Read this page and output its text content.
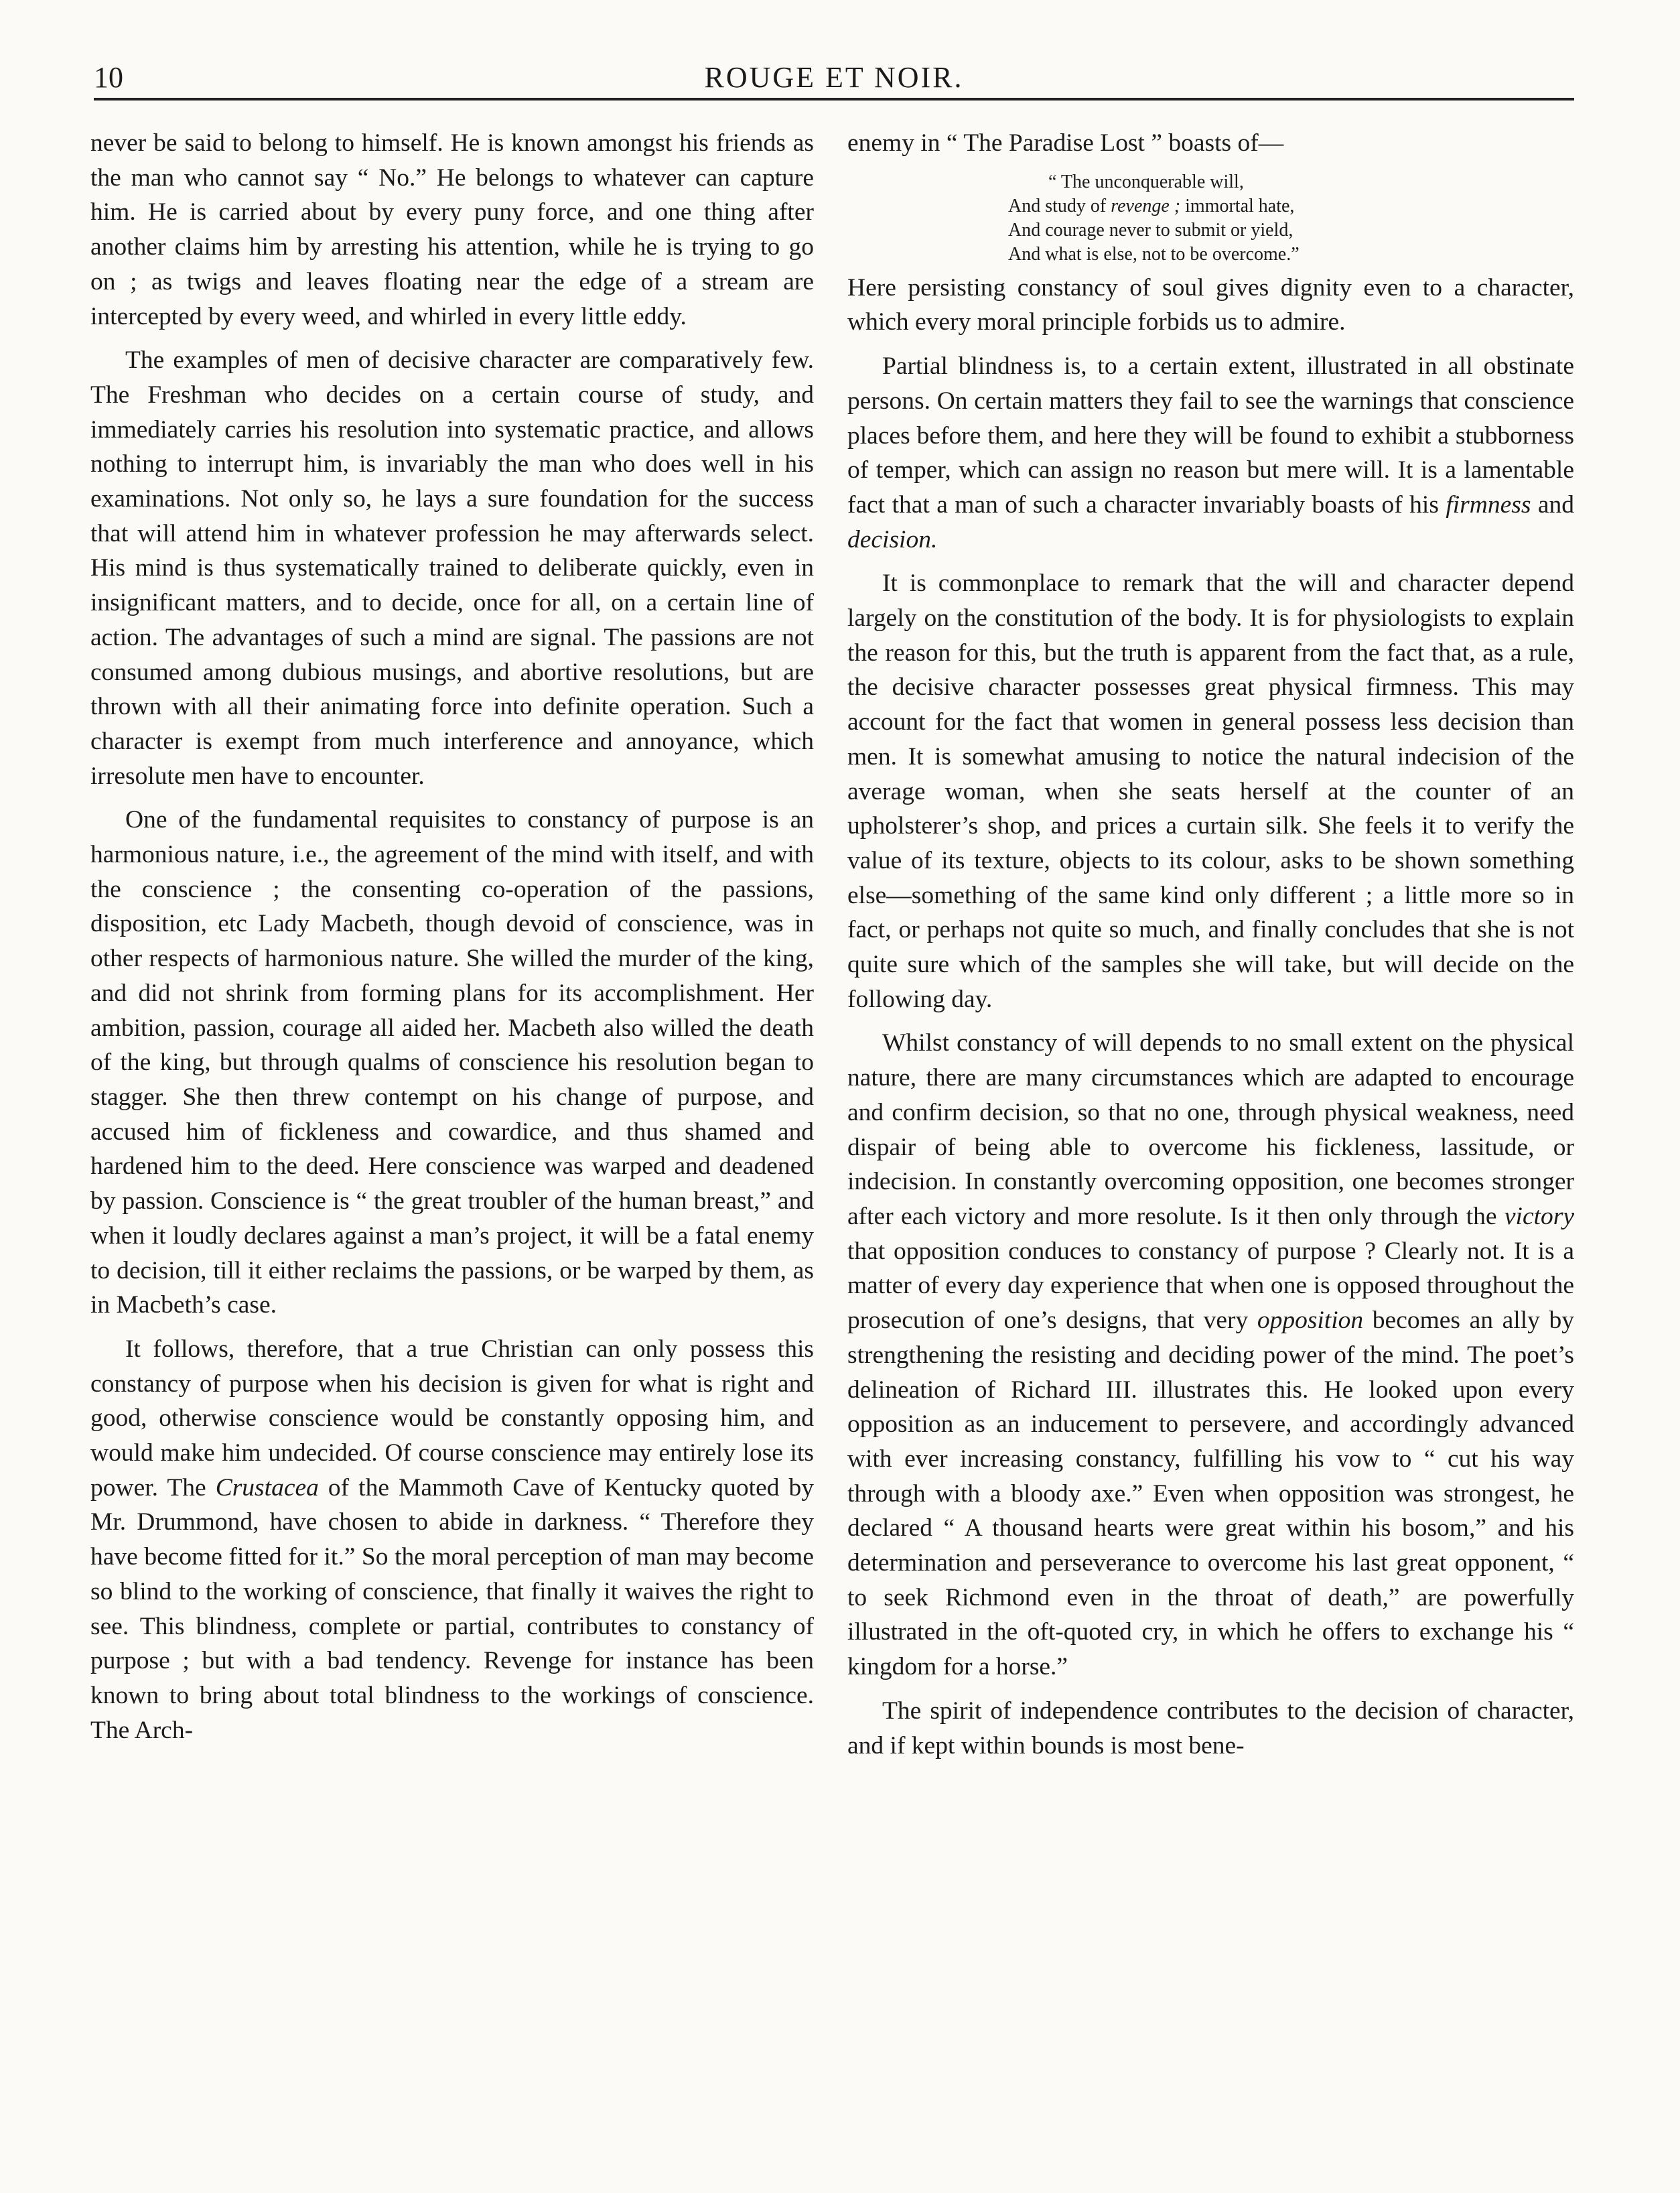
10	ROUGE ET NOIR.

never be said to belong to himself. He is known amongst his friends as the man who cannot say “ No.” He belongs to whatever can capture him. He is carried about by every puny force, and one thing after another claims him by arresting his attention, while he is trying to go on ; as twigs and leaves floating near the edge of a stream are intercepted by every weed, and whirled in every little eddy.

The examples of men of decisive character are comparatively few. The Freshman who decides on a certain course of study, and immediately carries his resolution into systematic practice, and allows nothing to interrupt him, is invariably the man who does well in his examinations. Not only so, he lays a sure foundation for the success that will attend him in whatever profession he may afterwards select. His mind is thus systematically trained to deliberate quickly, even in insignificant matters, and to decide, once for all, on a certain line of action. The advantages of such a mind are signal. The passions are not consumed among dubious musings, and abortive resolutions, but are thrown with all their animating force into definite operation. Such a character is exempt from much interference and annoyance, which irresolute men have to encounter.

One of the fundamental requisites to constancy of purpose is an harmonious nature, i.e., the agreement of the mind with itself, and with the conscience ; the consenting co-operation of the passions, disposition, etc Lady Macbeth, though devoid of conscience, was in other respects of harmonious nature. She willed the murder of the king, and did not shrink from forming plans for its accomplishment. Her ambition, passion, courage all aided her. Macbeth also willed the death of the king, but through qualms of conscience his resolution began to stagger. She then threw contempt on his change of purpose, and accused him of fickleness and cowardice, and thus shamed and hardened him to the deed. Here conscience was warped and deadened by passion. Conscience is “ the great troubler of the human breast,” and when it loudly declares against a man’s project, it will be a fatal enemy to decision, till it either reclaims the passions, or be warped by them, as in Macbeth’s case.

It follows, therefore, that a true Christian can only possess this constancy of purpose when his decision is given for what is right and good, otherwise conscience would be constantly opposing him, and would make him undecided. Of course conscience may entirely lose its power. The Crustacea of the Mammoth Cave of Kentucky quoted by Mr. Drummond, have chosen to abide in darkness. “ Therefore they have become fitted for it.” So the moral perception of man may become so blind to the working of conscience, that finally it waives the right to see. This blindness, complete or partial, contributes to constancy of purpose ; but with a bad tendency. Revenge for instance has been known to bring about total blindness to the workings of conscience. The Arch-

enemy in “ The Paradise Lost ” boasts of—

“ The unconquerable will,
And study of revenge ; immortal hate,
And courage never to submit or yield,
And what is else, not to be overcome.”

Here persisting constancy of soul gives dignity even to a character, which every moral principle forbids us to admire.

Partial blindness is, to a certain extent, illustrated in all obstinate persons. On certain matters they fail to see the warnings that conscience places before them, and here they will be found to exhibit a stubborness of temper, which can assign no reason but mere will. It is a lamentable fact that a man of such a character invariably boasts of his firmness and decision.

It is commonplace to remark that the will and character depend largely on the constitution of the body. It is for physiologists to explain the reason for this, but the truth is apparent from the fact that, as a rule, the decisive character possesses great physical firmness. This may account for the fact that women in general possess less decision than men. It is somewhat amusing to notice the natural indecision of the average woman, when she seats herself at the counter of an upholsterer’s shop, and prices a curtain silk. She feels it to verify the value of its texture, objects to its colour, asks to be shown something else—something of the same kind only different ; a little more so in fact, or perhaps not quite so much, and finally concludes that she is not quite sure which of the samples she will take, but will decide on the following day.

Whilst constancy of will depends to no small extent on the physical nature, there are many circumstances which are adapted to encourage and confirm decision, so that no one, through physical weakness, need dispair of being able to overcome his fickleness, lassitude, or indecision. In constantly overcoming opposition, one becomes stronger after each victory and more resolute. Is it then only through the victory that opposition conduces to constancy of purpose ? Clearly not. It is a matter of every day experience that when one is opposed throughout the prosecution of one’s designs, that very opposition becomes an ally by strengthening the resisting and deciding power of the mind. The poet’s delineation of Richard III. illustrates this. He looked upon every opposition as an inducement to persevere, and accordingly advanced with ever increasing constancy, fulfilling his vow to “ cut his way through with a bloody axe.” Even when opposition was strongest, he declared “ A thousand hearts were great within his bosom,” and his determination and perseverance to overcome his last great opponent, “ to seek Richmond even in the throat of death,” are powerfully illustrated in the oft-quoted cry, in which he offers to exchange his “ kingdom for a horse.”

The spirit of independence contributes to the decision of character, and if kept within bounds is most bene-
